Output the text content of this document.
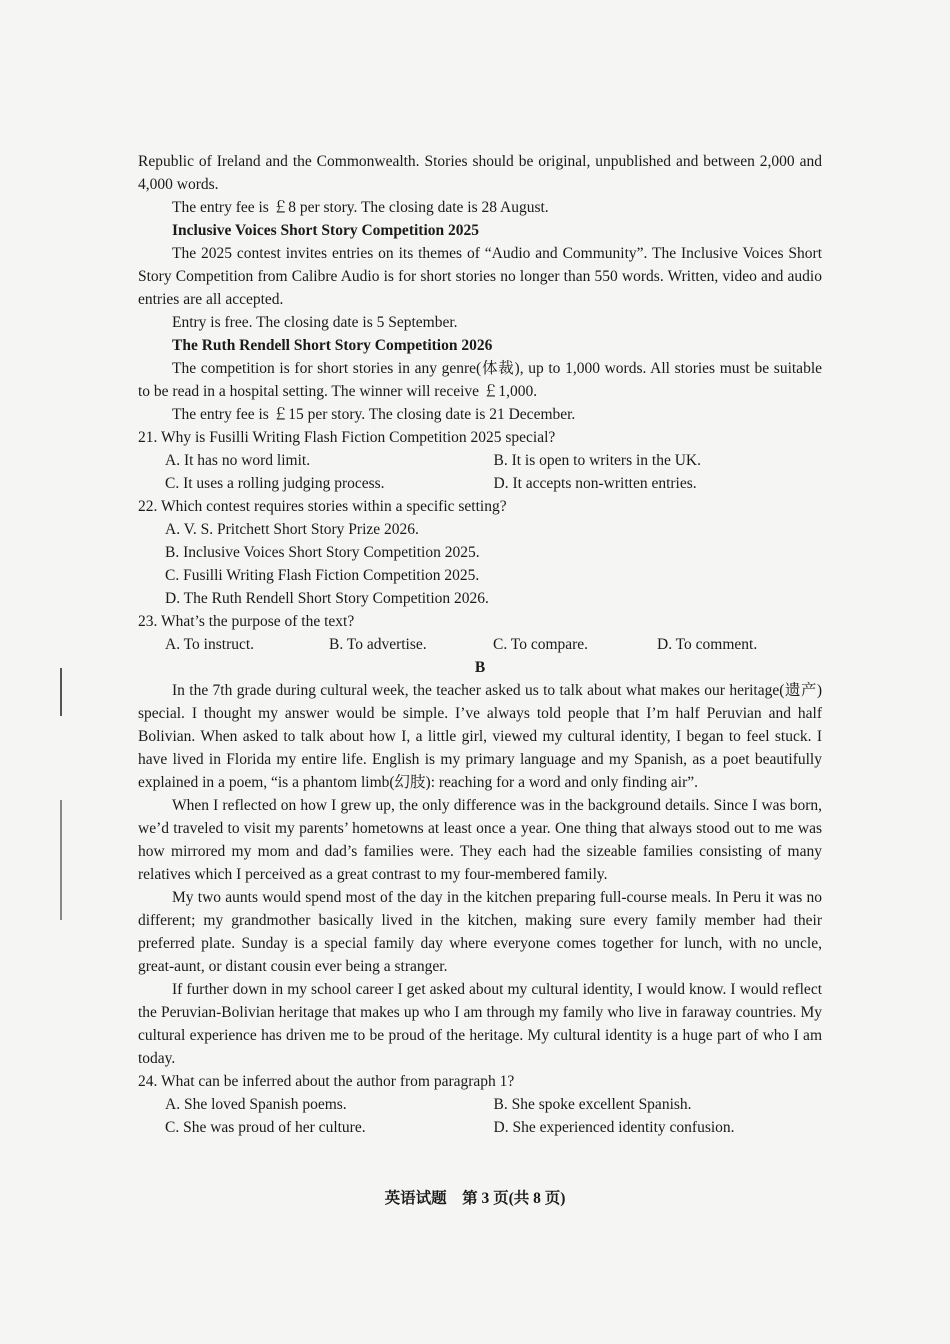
Republic of Ireland and the Commonwealth. Stories should be original, unpublished and between 2,000 and 4,000 words.

The entry fee is ￡8 per story. The closing date is 28 August.

Inclusive Voices Short Story Competition 2025

The 2025 contest invites entries on its themes of “Audio and Community”. The Inclusive Voices Short Story Competition from Calibre Audio is for short stories no longer than 550 words. Written, video and audio entries are all accepted.

Entry is free. The closing date is 5 September.

The Ruth Rendell Short Story Competition 2026

The competition is for short stories in any genre(体裁), up to 1,000 words. All stories must be suitable to be read in a hospital setting. The winner will receive ￡1,000.

The entry fee is ￡15 per story. The closing date is 21 December.

21. Why is Fusilli Writing Flash Fiction Competition 2025 special?

A. It has no word limit.	B. It is open to writers in the UK.
C. It uses a rolling judging process.	D. It accepts non-written entries.

22. Which contest requires stories within a specific setting?

A. V. S. Pritchett Short Story Prize 2026.
B. Inclusive Voices Short Story Competition 2025.
C. Fusilli Writing Flash Fiction Competition 2025.
D. The Ruth Rendell Short Story Competition 2026.

23. What’s the purpose of the text?

A. To instruct.	B. To advertise.	C. To compare.	D. To comment.

B

In the 7th grade during cultural week, the teacher asked us to talk about what makes our heritage(遗产) special. I thought my answer would be simple. I’ve always told people that I’m half Peruvian and half Bolivian. When asked to talk about how I, a little girl, viewed my cultural identity, I began to feel stuck. I have lived in Florida my entire life. English is my primary language and my Spanish, as a poet beautifully explained in a poem, “is a phantom limb(幻肢): reaching for a word and only finding air”.

When I reflected on how I grew up, the only difference was in the background details. Since I was born, we’d traveled to visit my parents’ hometowns at least once a year. One thing that always stood out to me was how mirrored my mom and dad’s families were. They each had the sizeable families consisting of many relatives which I perceived as a great contrast to my four-membered family.

My two aunts would spend most of the day in the kitchen preparing full-course meals. In Peru it was no different; my grandmother basically lived in the kitchen, making sure every family member had their preferred plate. Sunday is a special family day where everyone comes together for lunch, with no uncle, great-aunt, or distant cousin ever being a stranger.

If further down in my school career I get asked about my cultural identity, I would know. I would reflect the Peruvian-Bolivian heritage that makes up who I am through my family who live in faraway countries. My cultural experience has driven me to be proud of the heritage. My cultural identity is a huge part of who I am today.

24. What can be inferred about the author from paragraph 1?

A. She loved Spanish poems.	B. She spoke excellent Spanish.
C. She was proud of her culture.	D. She experienced identity confusion.
英语试题　第 3 页(共 8 页)
